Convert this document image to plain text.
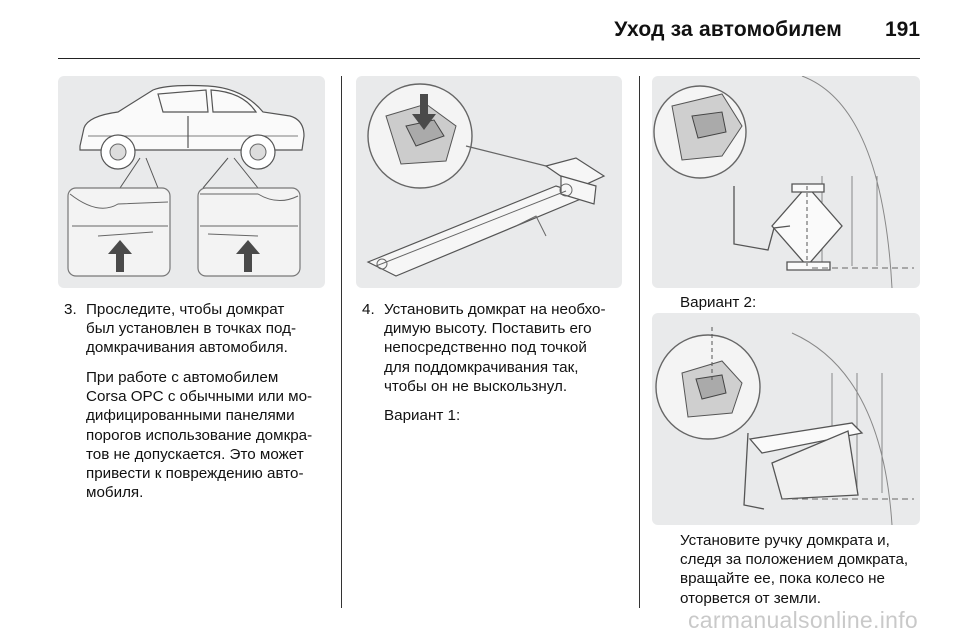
Уход за автомобилем 191
3. Проследите, чтобы домкрат
был установлен в точках под-
домкрачивания автомобиля.
При работе с автомобилем
Corsa OPC с обычными или мо-
дифицированными панелями
порогов использование домкра-
тов не допускается. Это может
привести к повреждению авто-
мобиля.
4. Установить домкрат на необхо-
димую высоту. Поставить его
непосредственно под точкой
для поддомкрачивания так,
чтобы он не выскользнул.
Вариант 1:
Вариант 2:
Установите ручку домкрата и,
следя за положением домкрата,
вращайте ее, пока колесо не
оторвется от земли.
carmanualsonline.info
